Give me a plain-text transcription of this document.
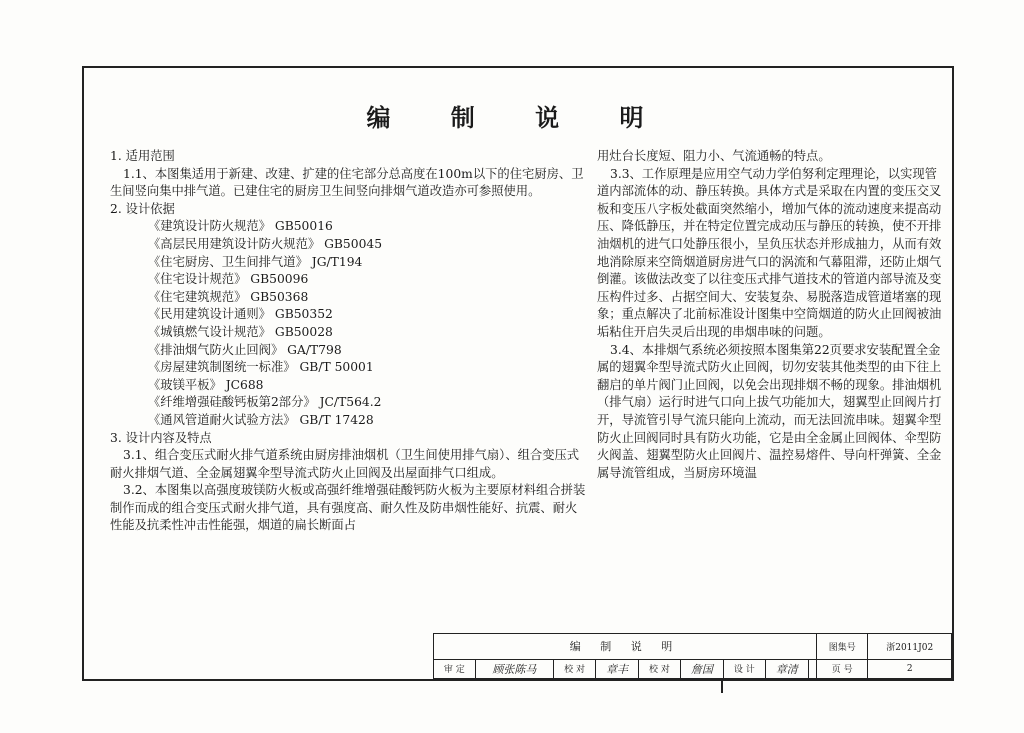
编 制 说 明

1. 适用范围

1.1、本图集适用于新建、改建、扩建的住宅部分总高度在100m以下的住宅厨房、卫生间竖向集中排气道。已建住宅的厨房卫生间竖向排烟气道改造亦可参照使用。

2. 设计依据

《建筑设计防火规范》 GB50016

《高层民用建筑设计防火规范》 GB50045

《住宅厨房、卫生间排气道》 JG/T194

《住宅设计规范》 GB50096

《住宅建筑规范》 GB50368

《民用建筑设计通则》 GB50352

《城镇燃气设计规范》 GB50028

《排油烟气防火止回阀》 GA/T798

《房屋建筑制图统一标准》 GB/T 50001

《玻镁平板》 JC688

《纤维增强硅酸钙板第2部分》 JC/T564.2

《通风管道耐火试验方法》 GB/T 17428

3. 设计内容及特点

3.1、组合变压式耐火排气道系统由厨房排油烟机（卫生间使用排气扇）、组合变压式耐火排烟气道、全金属翅翼伞型导流式防火止回阀及出屋面排气口组成。

3.2、本图集以高强度玻镁防火板或高强纤维增强硅酸钙防火板为主要原材料组合拼装制作而成的组合变压式耐火排气道，具有强度高、耐久性及防串烟性能好、抗震、耐火性能及抗柔性冲击性能强，烟道的扁长断面占

用灶台长度短、阻力小、气流通畅的特点。

3.3、工作原理是应用空气动力学伯努利定理理论，以实现管道内部流体的动、静压转换。具体方式是采取在内置的变压交叉板和变压八字板处截面突然缩小，增加气体的流动速度来提高动压、降低静压，并在特定位置完成动压与静压的转换，使不开排油烟机的进气口处静压很小，呈负压状态并形成抽力，从而有效地消除原来空筒烟道厨房进气口的涡流和气幕阻滞，还防止烟气倒灌。该做法改变了以往变压式排气道技术的管道内部导流及变压构件过多、占据空间大、安装复杂、易脱落造成管道堵塞的现象；重点解决了北前标准设计图集中空筒烟道的防火止回阀被油垢粘住开启失灵后出现的串烟串味的问题。

3.4、本排烟气系统必须按照本图集第22页要求安装配置全金属的翅翼伞型导流式防火止回阀，切勿安装其他类型的由下往上翻启的单片阀门止回阀，以免会出现排烟不畅的现象。排油烟机（排气扇）运行时进气口向上拔气功能加大，翅翼型止回阀片打开，导流管引导气流只能向上流动，而无法回流串味。翅翼伞型防火止回阀同时具有防火功能，它是由全金属止回阀体、伞型防火阀盖、翅翼型防火止回阀片、温控易熔件、导向杆弹簧、全金属导流管组成，当厨房环境温

编 制 说 明									图集号	浙2011J02
审 定	顾张陈马	校 对	章丰	校 对	詹国	设 计	章清		页 号	2
